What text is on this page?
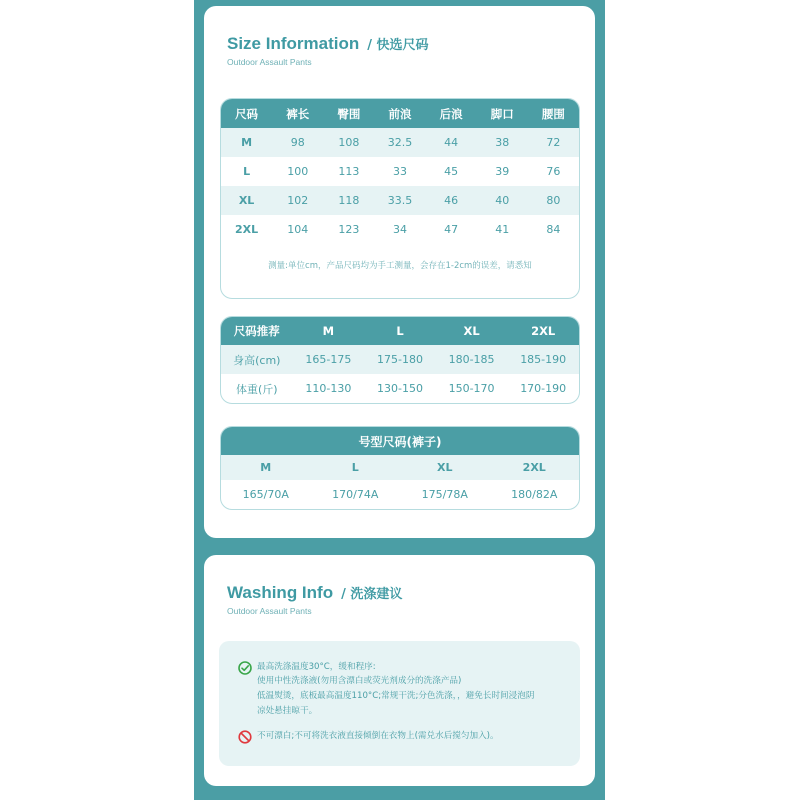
Size Information / 快选尺码
Outdoor Assault Pants
尺码	裤长	臀围	前浪	后浪	脚口	腰围
M	98	108	32.5	44	38	72
L	100	113	33	45	39	76
XL	102	118	33.5	46	40	80
2XL	104	123	34	47	41	84
测量:单位cm，产品尺码均为手工测量，会存在1-2cm的误差，请悉知
尺码推荐	M	L	XL	2XL
身高(cm)	165-175	175-180	180-185	185-190
体重(斤)	110-130	130-150	150-170	170-190
号型尺码(裤子)
M	L	XL	2XL
165/70A	170/74A	175/78A	180/82A
Washing Info / 洗涤建议
Outdoor Assault Pants
最高洗涤温度30°C，缓和程序:
使用中性洗涤液(勿用含漂白或荧光剂成分的洗涤产品)
低温熨烫，底板最高温度110°C;常规干洗;分色洗涤，，避免长时间浸泡阴
凉处悬挂晾干。
不可漂白;不可将洗衣液直接倾倒在衣物上(需兑水后搅匀加入)。
